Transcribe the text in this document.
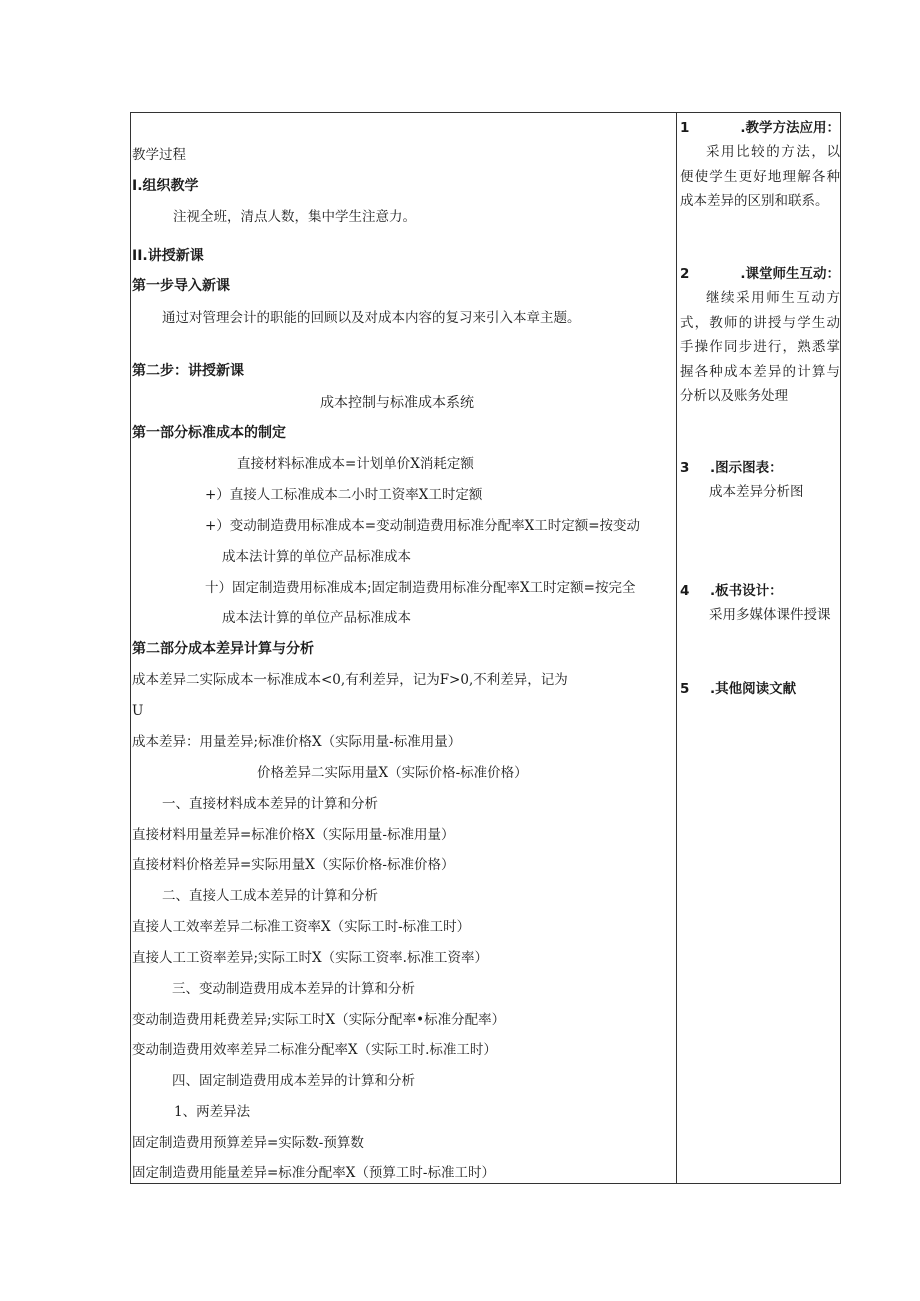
教学过程
I.组织教学
注视全班，清点人数，集中学生注意力。
II.讲授新课
第一步导入新课
通过对管理会计的职能的回顾以及对成本内容的复习来引入本章主题。
第二步：讲授新课
成本控制与标准成本系统
第一部分标准成本的制定
直接材料标准成本=计划单价X消耗定额
+）直接人工标准成本二小时工资率X工时定额
+）变动制造费用标准成本=变动制造费用标准分配率X工时定额=按变动
成本法计算的单位产品标准成本
十）固定制造费用标准成本;固定制造费用标准分配率X工时定额=按完全
成本法计算的单位产品标准成本
第二部分成本差异计算与分析
成本差异二实际成本一标准成本<0,有利差异，记为F>0,不利差异，记为
U
成本差异：用量差异;标准价格X（实际用量-标准用量）
价格差异二实际用量X（实际价格-标准价格）
一、直接材料成本差异的计算和分析
直接材料用量差异=标准价格X（实际用量-标准用量）
直接材料价格差异=实际用量X（实际价格-标准价格）
二、直接人工成本差异的计算和分析
直接人工效率差异二标准工资率X（实际工时-标准工时）
直接人工工资率差异;实际工时X（实际工资率.标准工资率）
三、变动制造费用成本差异的计算和分析
变动制造费用耗费差异;实际工时X（实际分配率•标准分配率）
变动制造费用效率差异二标准分配率X（实际工时.标准工时）
四、固定制造费用成本差异的计算和分析
1、两差异法
固定制造费用预算差异=实际数-预算数
固定制造费用能量差异=标准分配率X（预算工时-标准工时）
1	.教学方法应用：
采用比较的方法，以便使学生更好地理解各种成本差异的区别和联系。
2	.课堂师生互动：
继续采用师生互动方式，教师的讲授与学生动手操作同步进行，熟悉掌握各种成本差异的计算与分析以及账务处理
3 .图示图表：
成本差异分析图
4 .板书设计：
采用多媒体课件授课
5 .其他阅读文献
